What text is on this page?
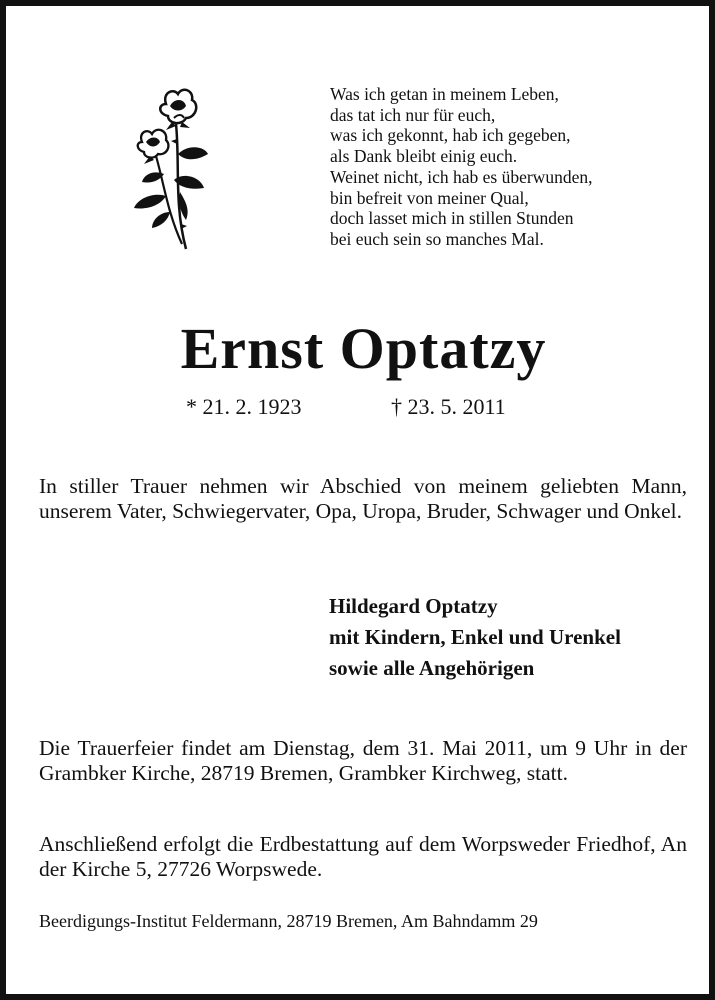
Was ich getan in meinem Leben,
das tat ich nur für euch,
was ich gekonnt, hab ich gegeben,
als Dank bleibt einig euch.
Weinet nicht, ich hab es überwunden,
bin befreit von meiner Qual,
doch lasset mich in stillen Stunden
bei euch sein so manches Mal.
Ernst Optatzy
* 21. 2. 1923	† 23. 5. 2011
In stiller Trauer nehmen wir Abschied von meinem geliebten Mann, unserem Vater, Schwiegervater, Opa, Uropa, Bruder, Schwager und Onkel.
Hildegard Optatzy
mit Kindern, Enkel und Urenkel
sowie alle Angehörigen
Die Trauerfeier findet am Dienstag, dem 31. Mai 2011, um 9 Uhr in der Grambker Kirche, 28719 Bremen, Grambker Kirchweg, statt.
Anschließend erfolgt die Erdbestattung auf dem Worpsweder Friedhof, An der Kirche 5, 27726 Worpswede.
Beerdigungs-Institut Feldermann, 28719 Bremen, Am Bahndamm 29
